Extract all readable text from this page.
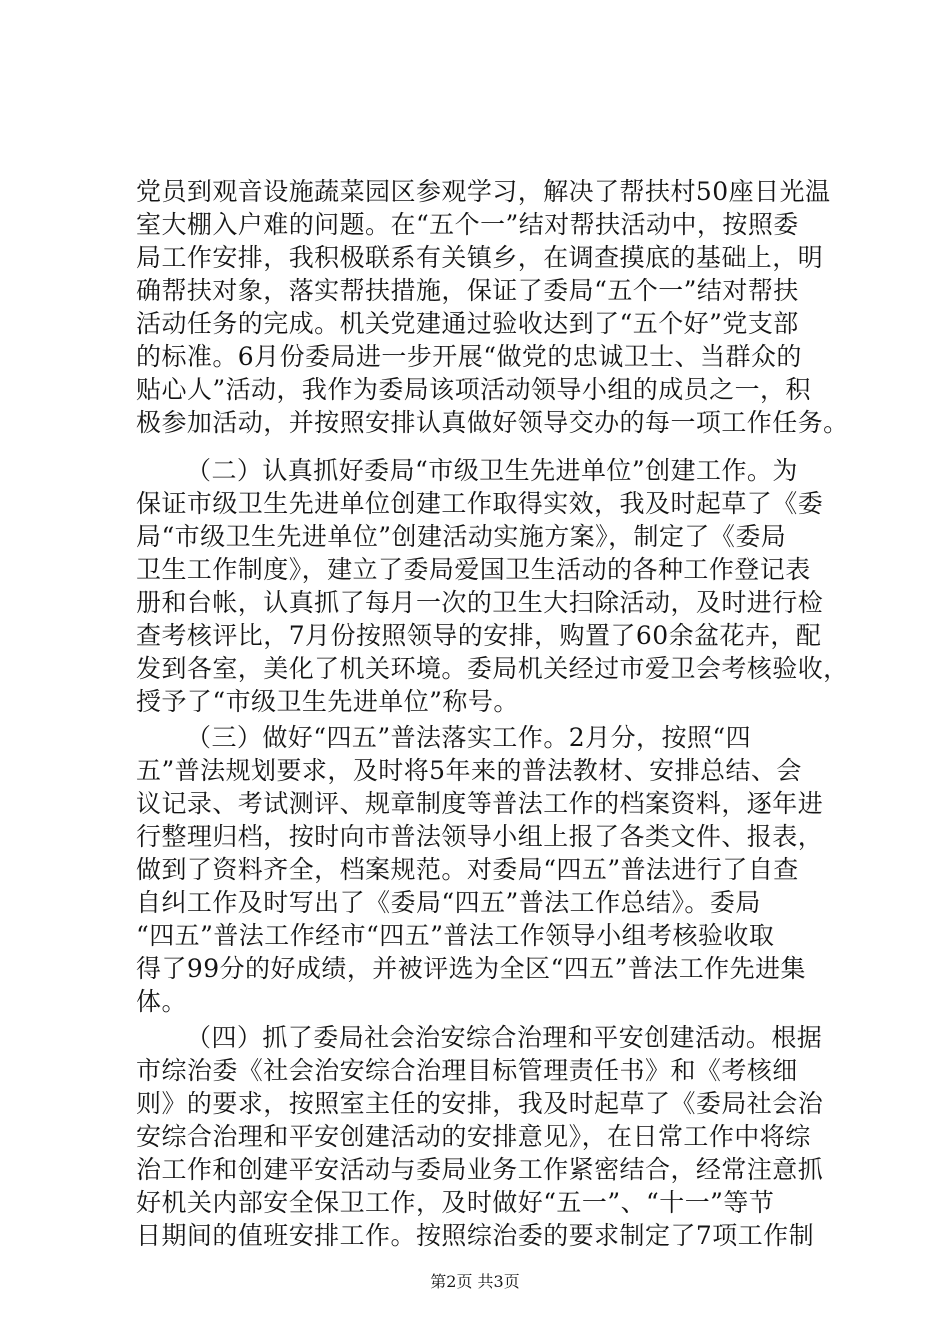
党员到观音设施蔬菜园区参观学习，解决了帮扶村50座日光温
室大棚入户难的问题。在“五个一”结对帮扶活动中，按照委
局工作安排，我积极联系有关镇乡，在调查摸底的基础上，明
确帮扶对象，落实帮扶措施，保证了委局“五个一”结对帮扶
活动任务的完成。机关党建通过验收达到了“五个好”党支部
的标准。6月份委局进一步开展“做党的忠诚卫士、当群众的
贴心人”活动，我作为委局该项活动领导小组的成员之一，积
极参加活动，并按照安排认真做好领导交办的每一项工作任务。
（二）认真抓好委局“市级卫生先进单位”创建工作。为
保证市级卫生先进单位创建工作取得实效，我及时起草了《委
局“市级卫生先进单位”创建活动实施方案》，制定了《委局
卫生工作制度》，建立了委局爱国卫生活动的各种工作登记表
册和台帐，认真抓了每月一次的卫生大扫除活动，及时进行检
查考核评比，7月份按照领导的安排，购置了60余盆花卉，配
发到各室，美化了机关环境。委局机关经过市爱卫会考核验收，
授予了“市级卫生先进单位”称号。
（三）做好“四五”普法落实工作。2月分，按照“四
五”普法规划要求，及时将5年来的普法教材、安排总结、会
议记录、考试测评、规章制度等普法工作的档案资料，逐年进
行整理归档，按时向市普法领导小组上报了各类文件、报表，
做到了资料齐全，档案规范。对委局“四五”普法进行了自查
自纠工作及时写出了《委局“四五”普法工作总结》。委局
“四五”普法工作经市“四五”普法工作领导小组考核验收取
得了99分的好成绩，并被评选为全区“四五”普法工作先进集
体。
（四）抓了委局社会治安综合治理和平安创建活动。根据
市综治委《社会治安综合治理目标管理责任书》和《考核细
则》的要求，按照室主任的安排，我及时起草了《委局社会治
安综合治理和平安创建活动的安排意见》，在日常工作中将综
治工作和创建平安活动与委局业务工作紧密结合，经常注意抓
好机关内部安全保卫工作，及时做好“五一”、“十一”等节
日期间的值班安排工作。按照综治委的要求制定了7项工作制
第2页 共3页
